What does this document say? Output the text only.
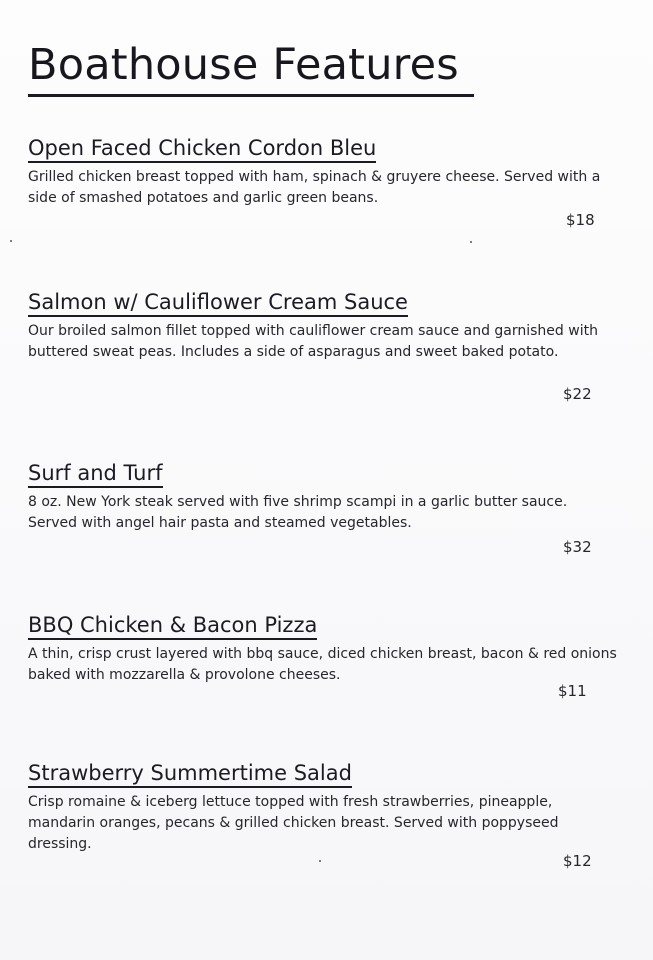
Boathouse Features
Open Faced Chicken Cordon Bleu
Grilled chicken breast topped with ham, spinach & gruyere cheese. Served with a side of smashed potatoes and garlic green beans.
$18
Salmon w/ Cauliflower Cream Sauce
Our broiled salmon fillet topped with cauliflower cream sauce and garnished with buttered sweat peas. Includes a side of asparagus and sweet baked potato.
$22
Surf and Turf
8 oz. New York steak served with five shrimp scampi in a garlic butter sauce. Served with angel hair pasta and steamed vegetables.
$32
BBQ Chicken & Bacon Pizza
A thin, crisp crust layered with bbq sauce, diced chicken breast, bacon & red onions baked with mozzarella & provolone cheeses.
$11
Strawberry Summertime Salad
Crisp romaine & iceberg lettuce topped with fresh strawberries, pineapple, mandarin oranges, pecans & grilled chicken breast. Served with poppyseed dressing.
$12
